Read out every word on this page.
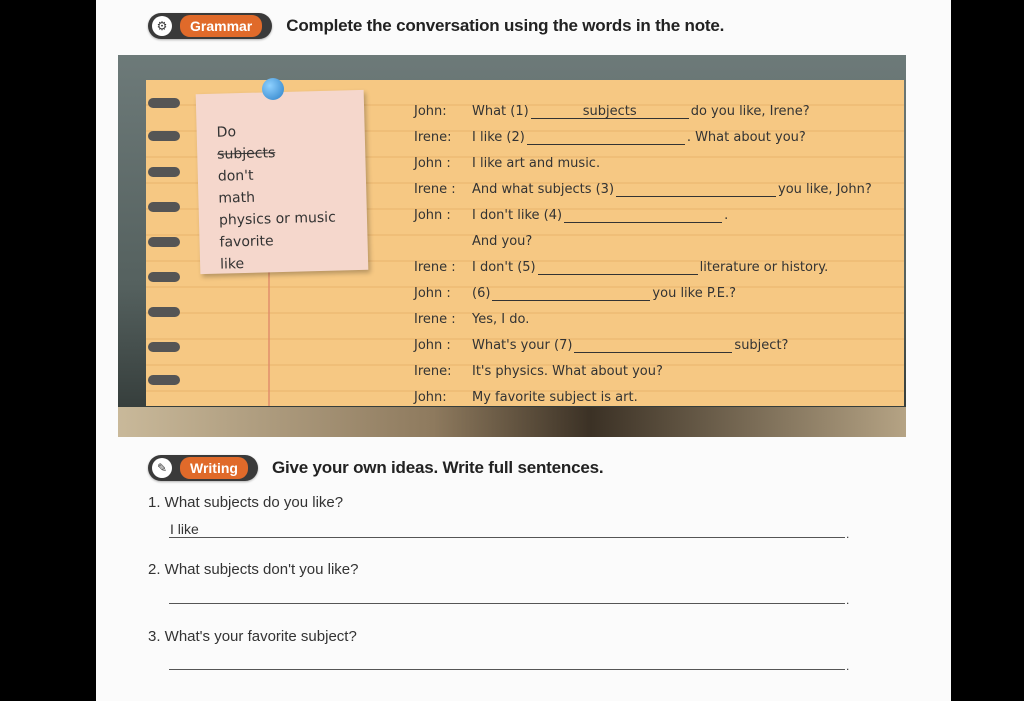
⚙	Grammar	Complete the conversation using the words in the note.
Do
subjects
don't
math
physics or music
favorite
like
John:	What (1)	subjects	do you like, Irene?
Irene:	I like (2)	. What about you?
John :	I like art and music.
Irene :	And what subjects (3)	you like, John?
John :	I don't like (4)	.
And you?
Irene :	I don't (5)	literature or history.
John :	(6)	you like P.E.?
Irene :	Yes, I do.
John :	What's your (7)	subject?
Irene:	It's physics. What about you?
John:	My favorite subject is art.
✎	Writing	Give your own ideas. Write full sentences.
1. What subjects do you like?
I like	.
2. What subjects don't you like?
.
3. What's your favorite subject?
.
